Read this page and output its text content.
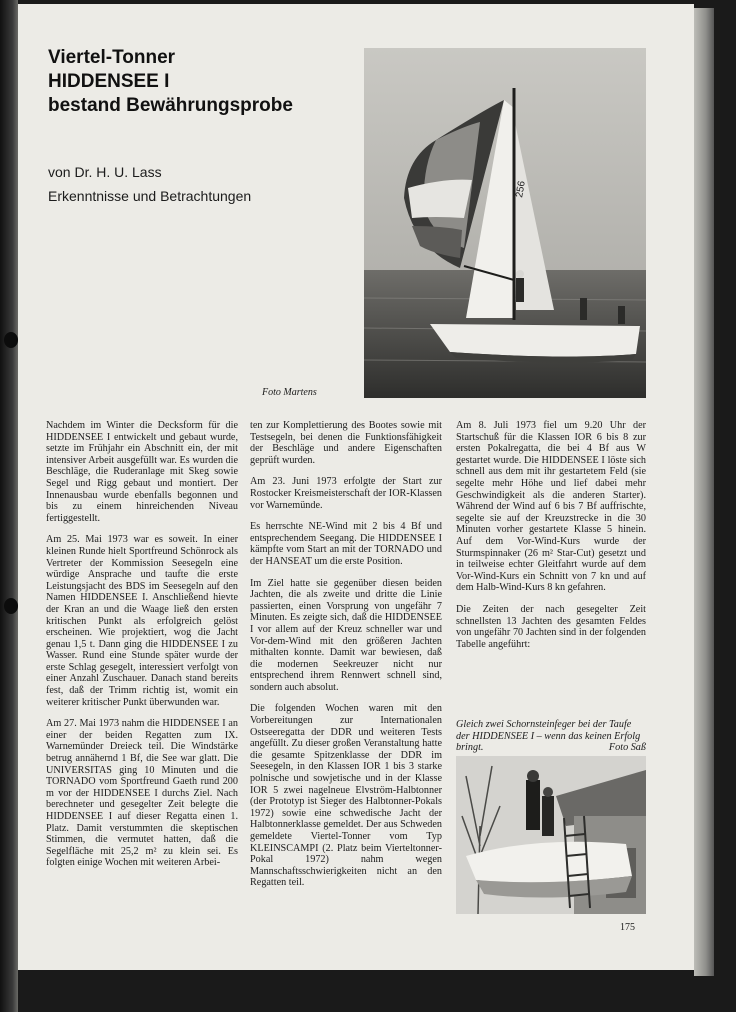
Viertel-Tonner
HIDDENSEE I
bestand Bewährungsprobe
von Dr. H. U. Lass
Erkenntnisse und Betrachtungen	256
Foto Martens

Nachdem im Winter die Decksform für die HIDDENSEE I entwickelt und gebaut wurde, setzte im Frühjahr ein Abschnitt ein, der mit intensiver Arbeit ausgefüllt war. Es wurden die Beschläge, die Ruderanlage mit Skeg sowie Segel und Rigg gebaut und montiert. Der Innenausbau wurde ebenfalls begonnen und bis zu einem hinreichenden Niveau fertiggestellt.

Am 25. Mai 1973 war es soweit. In einer kleinen Runde hielt Sportfreund Schönrock als Vertreter der Kommission Seesegeln eine würdige Ansprache und taufte die erste Leistungsjacht des BDS im Seesegeln auf den Namen HIDDENSEE I. Anschließend hievte der Kran an und die Waage ließ den ersten kritischen Punkt als erfolgreich gelöst erscheinen. Wie projektiert, wog die Jacht genau 1,5 t. Dann ging die HIDDENSEE I zu Wasser. Rund eine Stunde später wurde der erste Schlag gesegelt, interessiert verfolgt von einer Anzahl Zuschauer. Danach stand bereits fest, daß der Trimm richtig ist, womit ein weiterer kritischer Punkt überwunden war.

Am 27. Mai 1973 nahm die HIDDENSEE I an einer der beiden Regatten zum IX. Warnemünder Dreieck teil. Die Windstärke betrug annähernd 1 Bf, die See war glatt. Die UNIVERSITAS ging 10 Minuten und die TORNADO vom Sportfreund Gaeth rund 200 m vor der HIDDENSEE I durchs Ziel. Nach berechneter und gesegelter Zeit belegte die HIDDENSEE I auf dieser Regatta einen 1. Platz. Damit verstummten die skeptischen Stimmen, die vermutet hatten, daß die Segelfläche mit 25,2 m² zu klein sei. Es folgten einige Wochen mit weiteren Arbei-

ten zur Komplettierung des Bootes sowie mit Testsegeln, bei denen die Funktionsfähigkeit der Beschläge und andere Eigenschaften geprüft wurden.

Am 23. Juni 1973 erfolgte der Start zur Rostocker Kreismeisterschaft der IOR-Klassen vor Warnemünde.

Es herrschte NE-Wind mit 2 bis 4 Bf und entsprechendem Seegang. Die HIDDENSEE I kämpfte vom Start an mit der TORNADO und der HANSEAT um die erste Position.

Im Ziel hatte sie gegenüber diesen beiden Jachten, die als zweite und dritte die Linie passierten, einen Vorsprung von ungefähr 7 Minuten. Es zeigte sich, daß die HIDDENSEE I vor allem auf der Kreuz schneller war und Vor-dem-Wind mit den größeren Jachten mithalten konnte. Damit war bewiesen, daß die modernen Seekreuzer nicht nur entsprechend ihrem Rennwert schnell sind, sondern auch absolut.

Die folgenden Wochen waren mit den Vorbereitungen zur Internationalen Ostseeregatta der DDR und weiteren Tests angefüllt. Zu dieser großen Veranstaltung hatte die gesamte Spitzenklasse der DDR im Seesegeln, in den Klassen IOR 1 bis 3 starke polnische und sowjetische und in der Klasse IOR 5 zwei nagelneue Elvström-Halbtonner (der Prototyp ist Sieger des Halbtonner-Pokals 1972) sowie eine schwedische Jacht der Halbtonnerklasse gemeldet. Der aus Schweden gemeldete Viertel-Tonner vom Typ KLEINSCAMPI (2. Platz beim Vierteltonner-Pokal 1972) nahm wegen Mannschaftsschwierigkeiten nicht an den Regatten teil.

Am 8. Juli 1973 fiel um 9.20 Uhr der Startschuß für die Klassen IOR 6 bis 8 zur ersten Pokalregatta, die bei 4 Bf aus W gestartet wurde. Die HIDDENSEE I löste sich schnell aus dem mit ihr gestartetem Feld (sie segelte mehr Höhe und lief dabei mehr Geschwindigkeit als die anderen Starter). Während der Wind auf 6 bis 7 Bf auffrischte, segelte sie auf der Kreuzstrecke in die 30 Minuten vorher gestartete Klasse 5 hinein. Auf dem Vor-Wind-Kurs wurde der Sturmspinnaker (26 m² Star-Cut) gesetzt und in teilweise echter Gleitfahrt wurde auf dem Vor-Wind-Kurs ein Schnitt von 7 kn und auf dem Halb-Wind-Kurs 8 kn gefahren.

Die Zeiten der nach gesegelter Zeit schnellsten 13 Jachten des gesamten Feldes von ungefähr 70 Jachten sind in der folgenden Tabelle angeführt:

Gleich zwei Schornsteinfeger bei der Taufe der HIDDENSEE I – wenn das keinen Erfolg bringt.	Foto Saß
175
